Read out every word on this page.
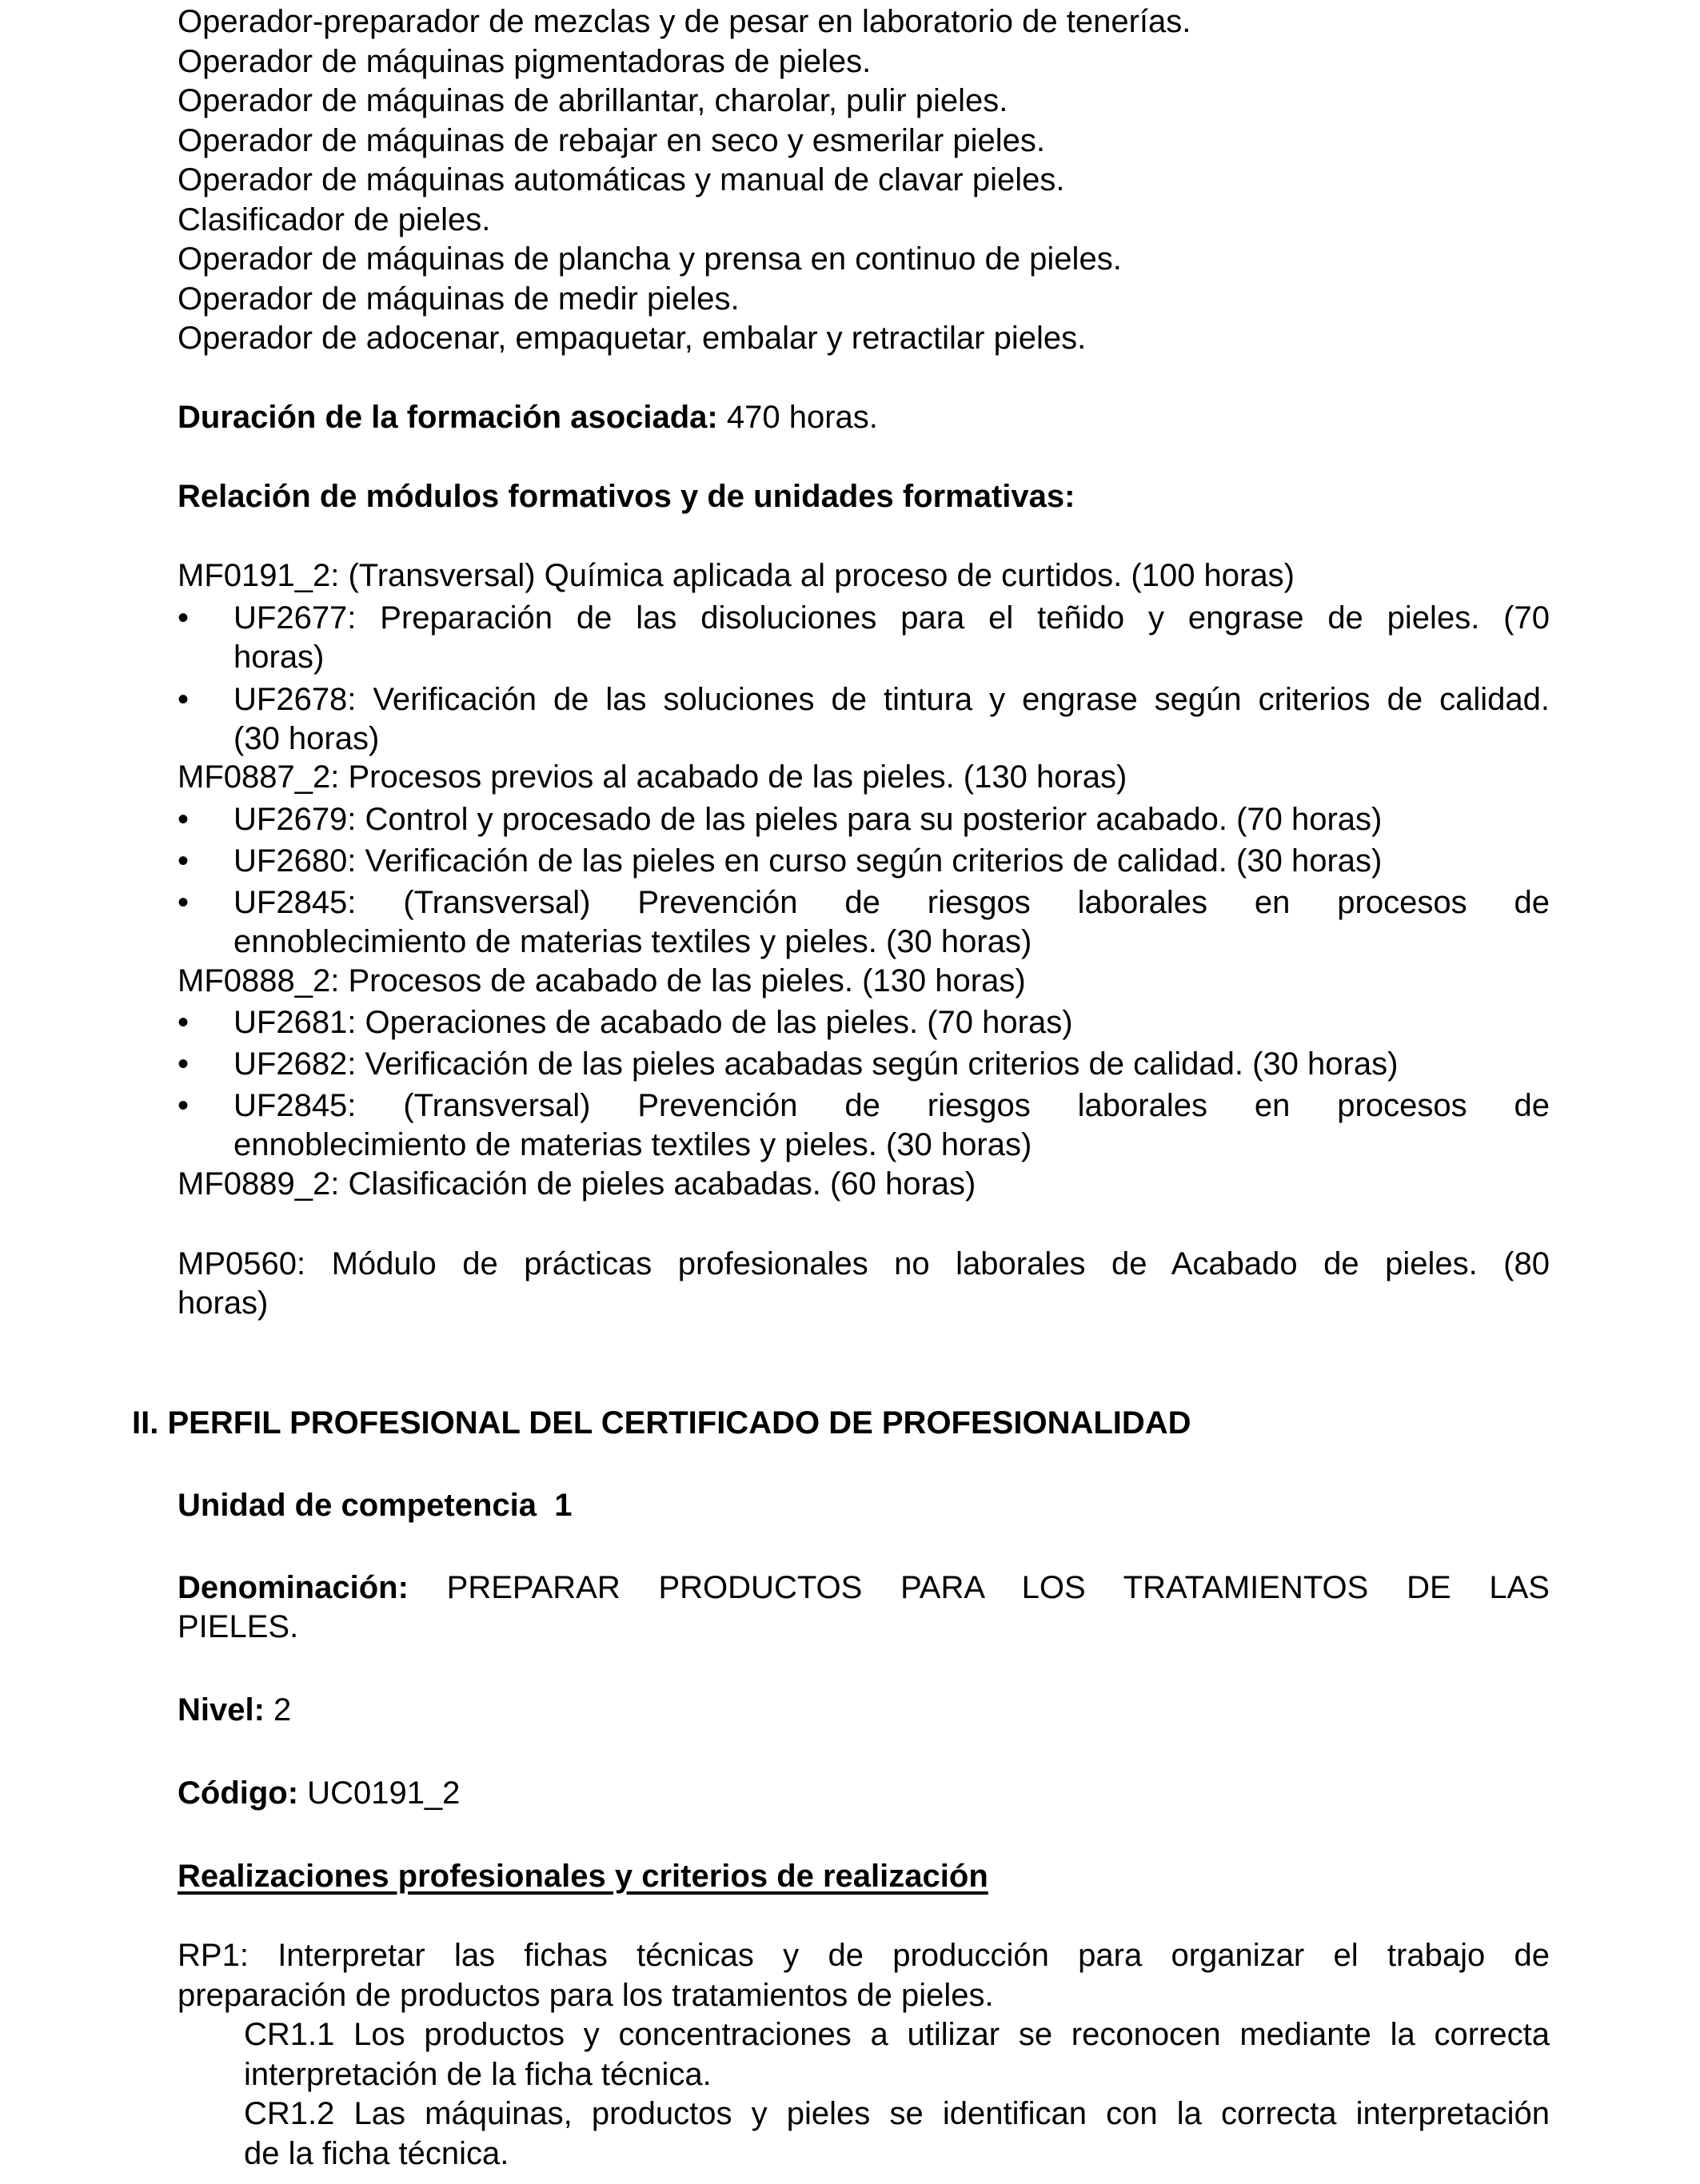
Operador-preparador de mezclas y de pesar en laboratorio de tenerías.
Operador de máquinas pigmentadoras de pieles.
Operador de máquinas de abrillantar, charolar, pulir pieles.
Operador de máquinas de rebajar en seco y esmerilar pieles.
Operador de máquinas automáticas y manual de clavar pieles.
Clasificador de pieles.
Operador de máquinas de plancha y prensa en continuo de pieles.
Operador de máquinas de medir pieles.
Operador de adocenar, empaquetar, embalar y retractilar pieles.
Duración de la formación asociada: 470 horas.
Relación de módulos formativos y de unidades formativas:
MF0191_2: (Transversal) Química aplicada al proceso de curtidos. (100 horas)
• UF2677: Preparación de las disoluciones para el teñido y engrase de pieles. (70
horas)
• UF2678: Verificación de las soluciones de tintura y engrase según criterios de calidad.
(30 horas)
MF0887_2: Procesos previos al acabado de las pieles. (130 horas)
• UF2679: Control y procesado de las pieles para su posterior acabado. (70 horas)
• UF2680: Verificación de las pieles en curso según criterios de calidad. (30 horas)
• UF2845: (Transversal) Prevención de riesgos laborales en procesos de
ennoblecimiento de materias textiles y pieles. (30 horas)
MF0888_2: Procesos de acabado de las pieles. (130 horas)
• UF2681: Operaciones de acabado de las pieles. (70 horas)
• UF2682: Verificación de las pieles acabadas según criterios de calidad. (30 horas)
• UF2845: (Transversal) Prevención de riesgos laborales en procesos de
ennoblecimiento de materias textiles y pieles. (30 horas)
MF0889_2: Clasificación de pieles acabadas. (60 horas)
MP0560: Módulo de prácticas profesionales no laborales de Acabado de pieles. (80
horas)
II. PERFIL PROFESIONAL DEL CERTIFICADO DE PROFESIONALIDAD
Unidad de competencia  1
Denominación: PREPARAR PRODUCTOS PARA LOS TRATAMIENTOS DE LAS
PIELES.
Nivel: 2
Código: UC0191_2
Realizaciones profesionales y criterios de realización
RP1: Interpretar las fichas técnicas y de producción para organizar el trabajo de
preparación de productos para los tratamientos de pieles.
CR1.1 Los productos y concentraciones a utilizar se reconocen mediante la correcta
interpretación de la ficha técnica.
CR1.2 Las máquinas, productos y pieles se identifican con la correcta interpretación
de la ficha técnica.
